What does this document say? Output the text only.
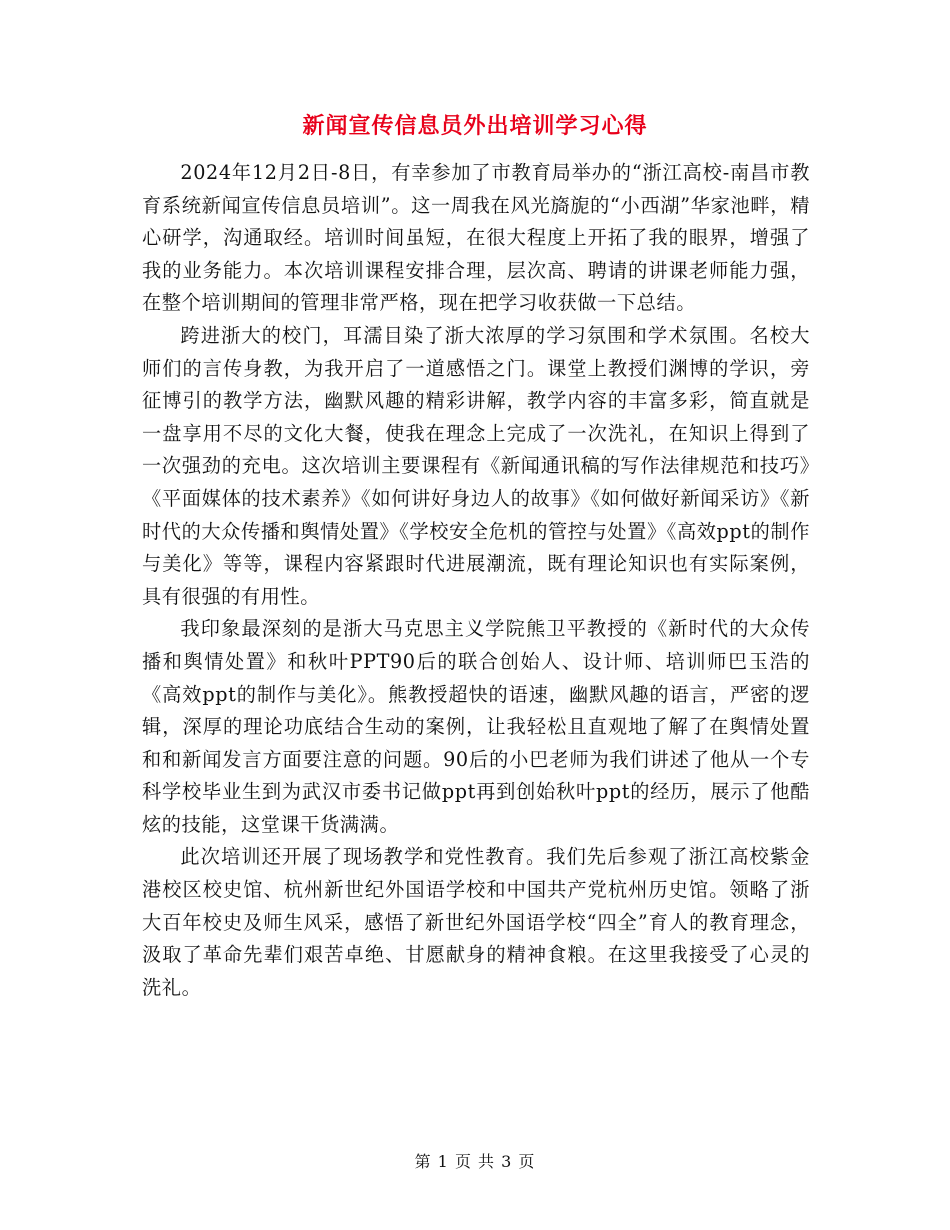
新闻宣传信息员外出培训学习心得

2024年12月2日-8日，有幸参加了市教育局举办的“浙江高校-南昌市教育系统新闻宣传信息员培训”。这一周我在风光旖旎的“小西湖”华家池畔，精心研学，沟通取经。培训时间虽短，在很大程度上开拓了我的眼界，增强了我的业务能力。本次培训课程安排合理，层次高、聘请的讲课老师能力强，在整个培训期间的管理非常严格，现在把学习收获做一下总结。

跨进浙大的校门，耳濡目染了浙大浓厚的学习氛围和学术氛围。名校大师们的言传身教，为我开启了一道感悟之门。课堂上教授们渊博的学识，旁征博引的教学方法，幽默风趣的精彩讲解，教学内容的丰富多彩，简直就是一盘享用不尽的文化大餐，使我在理念上完成了一次洗礼，在知识上得到了一次强劲的充电。这次培训主要课程有《新闻通讯稿的写作法律规范和技巧》《平面媒体的技术素养》《如何讲好身边人的故事》《如何做好新闻采访》《新时代的大众传播和舆情处置》《学校安全危机的管控与处置》《高效ppt的制作与美化》等等，课程内容紧跟时代进展潮流，既有理论知识也有实际案例，具有很强的有用性。

我印象最深刻的是浙大马克思主义学院熊卫平教授的《新时代的大众传播和舆情处置》和秋叶PPT90后的联合创始人、设计师、培训师巴玉浩的《高效ppt的制作与美化》。熊教授超快的语速，幽默风趣的语言，严密的逻辑，深厚的理论功底结合生动的案例，让我轻松且直观地了解了在舆情处置和和新闻发言方面要注意的问题。90后的小巴老师为我们讲述了他从一个专科学校毕业生到为武汉市委书记做ppt再到创始秋叶ppt的经历，展示了他酷炫的技能，这堂课干货满满。

此次培训还开展了现场教学和党性教育。我们先后参观了浙江高校紫金港校区校史馆、杭州新世纪外国语学校和中国共产党杭州历史馆。领略了浙大百年校史及师生风采，感悟了新世纪外国语学校“四全”育人的教育理念，汲取了革命先辈们艰苦卓绝、甘愿献身的精神食粮。在这里我接受了心灵的洗礼。

第 1 页 共 3 页
